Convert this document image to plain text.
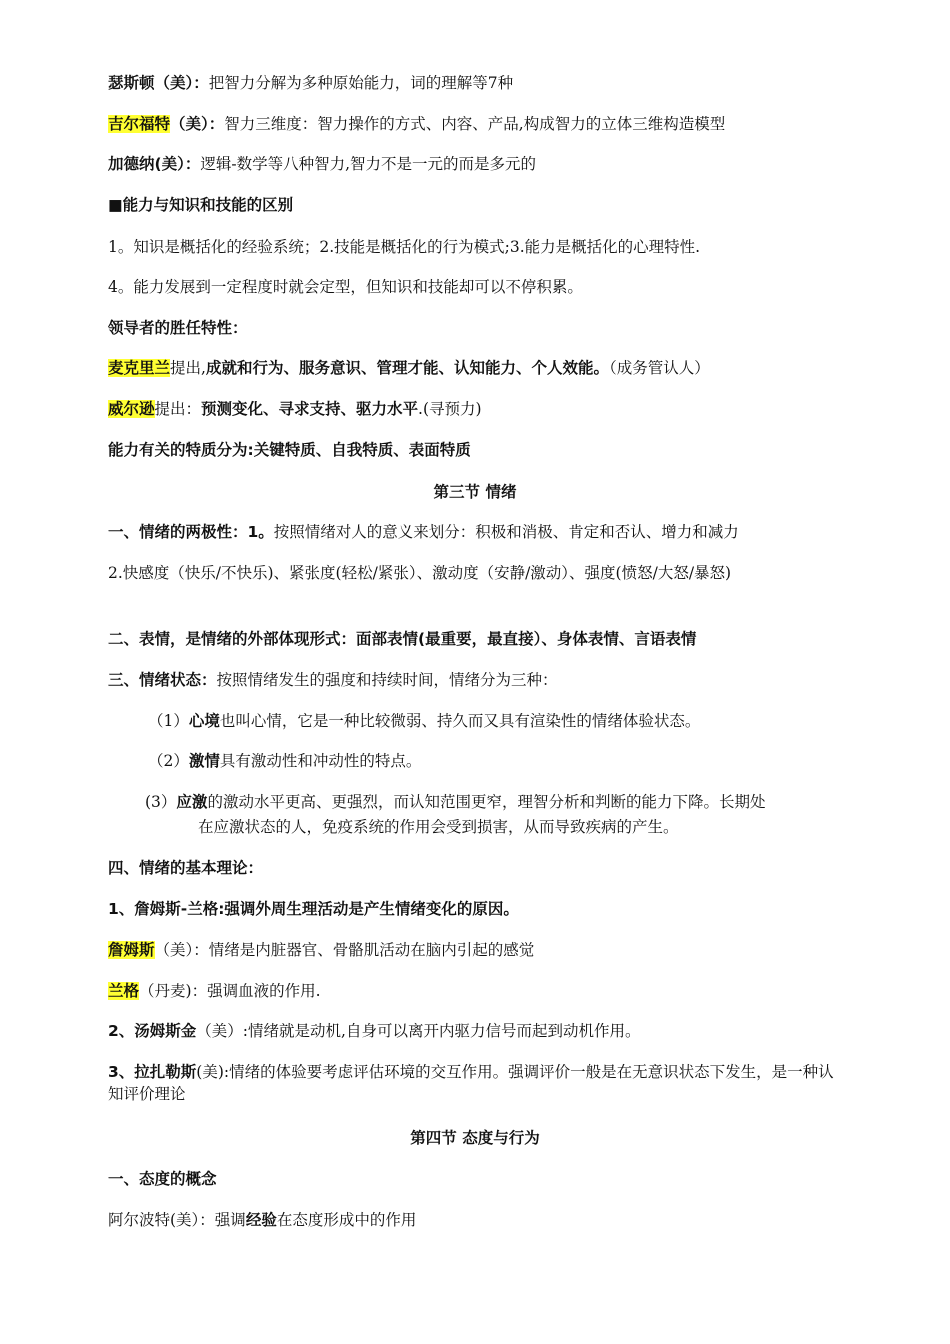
瑟斯顿（美）：把智力分解为多种原始能力，词的理解等7种
吉尔福特（美）：智力三维度：智力操作的方式、内容、产品,构成智力的立体三维构造模型
加德纳(美）：逻辑-数学等八种智力,智力不是一元的而是多元的
■能力与知识和技能的区别
1。知识是概括化的经验系统；2.技能是概括化的行为模式;3.能力是概括化的心理特性.
4。能力发展到一定程度时就会定型，但知识和技能却可以不停积累。
领导者的胜任特性：
麦克里兰提出,成就和行为、服务意识、管理才能、认知能力、个人效能。（成务管认人）
威尔逊提出：预测变化、寻求支持、驱力水平.(寻预力)
能力有关的特质分为:关键特质、自我特质、表面特质
第三节 情绪
一、情绪的两极性：1。按照情绪对人的意义来划分：积极和消极、肯定和否认、增力和减力
2.快感度（快乐/不快乐)、紧张度(轻松/紧张）、激动度（安静/激动）、强度(愤怒/大怒/暴怒)
二、表情，是情绪的外部体现形式：面部表情(最重要，最直接）、身体表情、言语表情
三、情绪状态：按照情绪发生的强度和持续时间，情绪分为三种：
（1）心境也叫心情，它是一种比较微弱、持久而又具有渲染性的情绪体验状态。
（2）激情具有激动性和冲动性的特点。
(3）应激的激动水平更高、更强烈，而认知范围更窄，理智分析和判断的能力下降。长期处
在应激状态的人，免疫系统的作用会受到损害，从而导致疾病的产生。
四、情绪的基本理论：
1、詹姆斯-兰格:强调外周生理活动是产生情绪变化的原因。
詹姆斯（美）：情绪是内脏器官、骨骼肌活动在脑内引起的感觉
兰格（丹麦)：强调血液的作用.
2、汤姆斯金（美）:情绪就是动机,自身可以离开内驱力信号而起到动机作用。
3、拉扎勒斯(美):情绪的体验要考虑评估环境的交互作用。强调评价一般是在无意识状态下发生，是一种认知评价理论
第四节 态度与行为
一、态度的概念
阿尔波特(美）：强调经验在态度形成中的作用
